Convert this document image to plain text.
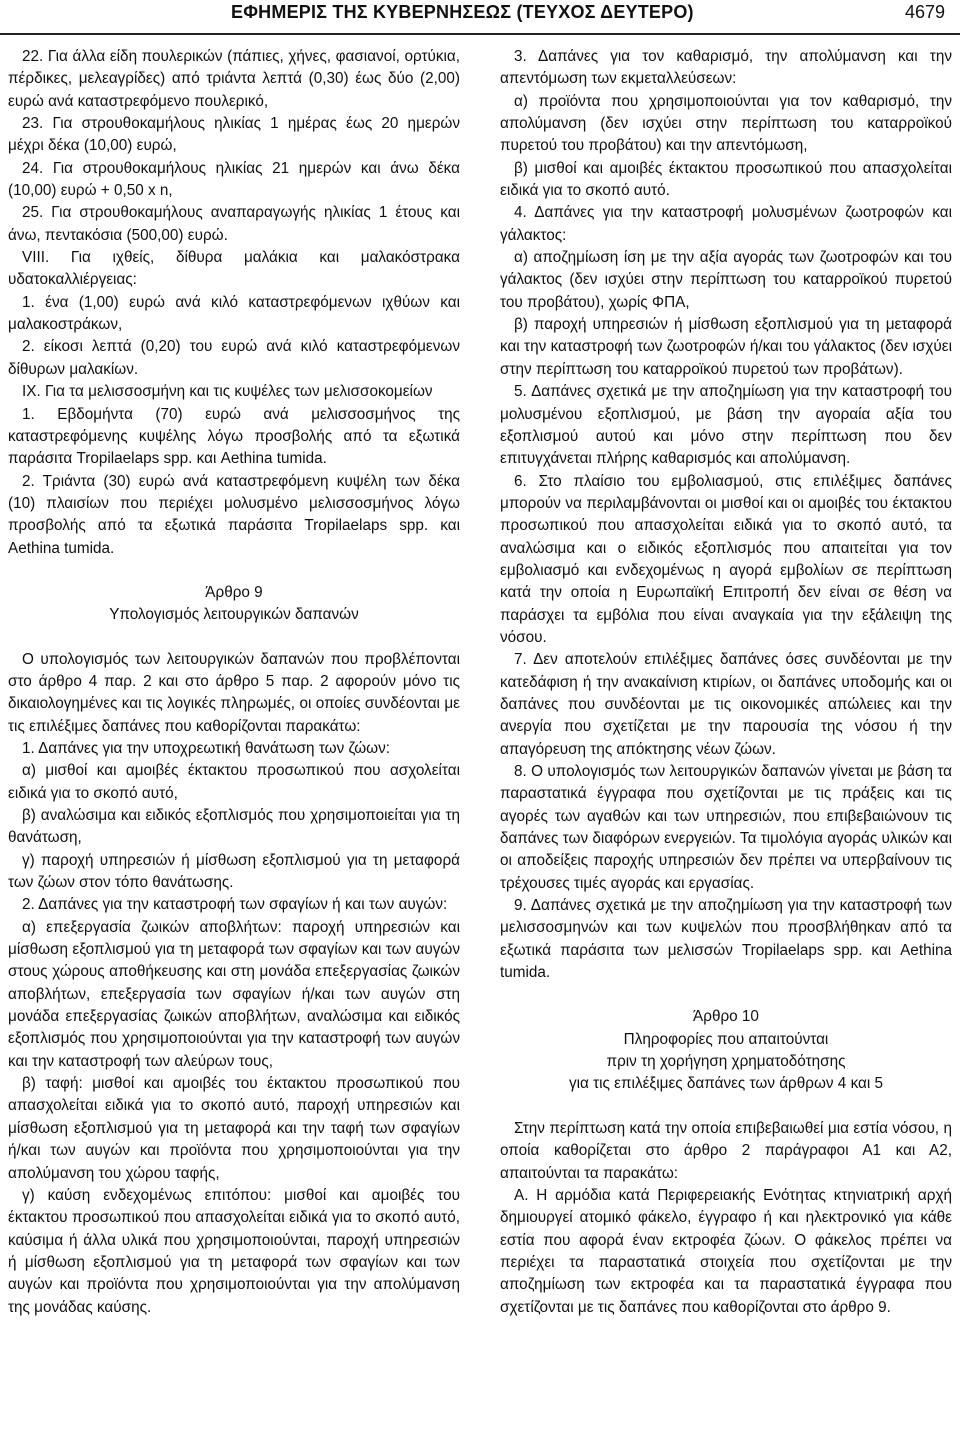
ΕΦΗΜΕΡΙΣ ΤΗΣ ΚΥΒΕΡΝΗΣΕΩΣ (ΤΕΥΧΟΣ ΔΕΥΤΕΡΟ)	4679

22. Για άλλα είδη πουλερικών (πάπιες, χήνες, φασιανοί, ορτύκια, πέρδικες, μελεαγρίδες) από τριάντα λεπτά (0,30) έως δύο (2,00) ευρώ ανά καταστρεφόμενο πουλερικό,

23. Για στρουθοκαμήλους ηλικίας 1 ημέρας έως 20 ημερών μέχρι δέκα (10,00) ευρώ,

24. Για στρουθοκαμήλους ηλικίας 21 ημερών και άνω δέκα (10,00) ευρώ + 0,50 x n,

25. Για στρουθοκαμήλους αναπαραγωγής ηλικίας 1 έτους και άνω, πεντακόσια (500,00) ευρώ.

VIII. Για ιχθείς, δίθυρα μαλάκια και μαλακόστρακα υδατοκαλλιέργειας:

1. ένα (1,00) ευρώ ανά κιλό καταστρεφόμενων ιχθύων και μαλακοστράκων,

2. είκοσι λεπτά (0,20) του ευρώ ανά κιλό καταστρεφόμενων δίθυρων μαλακίων.

IX. Για τα μελισσοσμήνη και τις κυψέλες των μελισσοκομείων

1. Εβδομήντα (70) ευρώ ανά μελισσοσμήνος της καταστρεφόμενης κυψέλης λόγω προσβολής από τα εξωτικά παράσιτα Tropilaelaps spp. και Aethina tumida.

2. Τριάντα (30) ευρώ ανά καταστρεφόμενη κυψέλη των δέκα (10) πλαισίων που περιέχει μολυσμένο μελισσοσμήνος λόγω προσβολής από τα εξωτικά παράσιτα Tropilaelaps spp. και Aethina tumida.

Άρθρο 9

Υπολογισμός λειτουργικών δαπανών

Ο υπολογισμός των λειτουργικών δαπανών που προβλέπονται στο άρθρο 4 παρ. 2 και στο άρθρο 5 παρ. 2 αφορούν μόνο τις δικαιολογημένες και τις λογικές πληρωμές, οι οποίες συνδέονται με τις επιλέξιμες δαπάνες που καθορίζονται παρακάτω:

1. Δαπάνες για την υποχρεωτική θανάτωση των ζώων:

α) μισθοί και αμοιβές έκτακτου προσωπικού που ασχολείται ειδικά για το σκοπό αυτό,

β) αναλώσιμα και ειδικός εξοπλισμός που χρησιμοποιείται για τη θανάτωση,

γ) παροχή υπηρεσιών ή μίσθωση εξοπλισμού για τη μεταφορά των ζώων στον τόπο θανάτωσης.

2. Δαπάνες για την καταστροφή των σφαγίων ή και των αυγών:

α) επεξεργασία ζωικών αποβλήτων: παροχή υπηρεσιών και μίσθωση εξοπλισμού για τη μεταφορά των σφαγίων και των αυγών στους χώρους αποθήκευσης και στη μονάδα επεξεργασίας ζωικών αποβλήτων, επεξεργασία των σφαγίων ή/και των αυγών στη μονάδα επεξεργασίας ζωικών αποβλήτων, αναλώσιμα και ειδικός εξοπλισμός που χρησιμοποιούνται για την καταστροφή των αυγών και την καταστροφή των αλεύρων τους,

β) ταφή: μισθοί και αμοιβές του έκτακτου προσωπικού που απασχολείται ειδικά για το σκοπό αυτό, παροχή υπηρεσιών και μίσθωση εξοπλισμού για τη μεταφορά και την ταφή των σφαγίων ή/και των αυγών και προϊόντα που χρησιμοποιούνται για την απολύμανση του χώρου ταφής,

γ) καύση ενδεχομένως επιτόπου: μισθοί και αμοιβές του έκτακτου προσωπικού που απασχολείται ειδικά για το σκοπό αυτό, καύσιμα ή άλλα υλικά που χρησιμοποιούνται, παροχή υπηρεσιών ή μίσθωση εξοπλισμού για τη μεταφορά των σφαγίων και των αυγών και προϊόντα που χρησιμοποιούνται για την απολύμανση της μονάδας καύσης.

3. Δαπάνες για τον καθαρισμό, την απολύμανση και την απεντόμωση των εκμεταλλεύσεων:

α) προϊόντα που χρησιμοποιούνται για τον καθαρισμό, την απολύμανση (δεν ισχύει στην περίπτωση του καταρροϊκού πυρετού του προβάτου) και την απεντόμωση,

β) μισθοί και αμοιβές έκτακτου προσωπικού που απασχολείται ειδικά για το σκοπό αυτό.

4. Δαπάνες για την καταστροφή μολυσμένων ζωοτροφών και γάλακτος:

α) αποζημίωση ίση με την αξία αγοράς των ζωοτροφών και του γάλακτος (δεν ισχύει στην περίπτωση του καταρροϊκού πυρετού του προβάτου), χωρίς ΦΠΑ,

β) παροχή υπηρεσιών ή μίσθωση εξοπλισμού για τη μεταφορά και την καταστροφή των ζωοτροφών ή/και του γάλακτος (δεν ισχύει στην περίπτωση του καταρροϊκού πυρετού των προβάτων).

5. Δαπάνες σχετικά με την αποζημίωση για την καταστροφή του μολυσμένου εξοπλισμού, με βάση την αγοραία αξία του εξοπλισμού αυτού και μόνο στην περίπτωση που δεν επιτυγχάνεται πλήρης καθαρισμός και απολύμανση.

6. Στο πλαίσιο του εμβολιασμού, στις επιλέξιμες δαπάνες μπορούν να περιλαμβάνονται οι μισθοί και οι αμοιβές του έκτακτου προσωπικού που απασχολείται ειδικά για το σκοπό αυτό, τα αναλώσιμα και ο ειδικός εξοπλισμός που απαιτείται για τον εμβολιασμό και ενδεχομένως η αγορά εμβολίων σε περίπτωση κατά την οποία η Ευρωπαϊκή Επιτροπή δεν είναι σε θέση να παράσχει τα εμβόλια που είναι αναγκαία για την εξάλειψη της νόσου.

7. Δεν αποτελούν επιλέξιμες δαπάνες όσες συνδέονται με την κατεδάφιση ή την ανακαίνιση κτιρίων, οι δαπάνες υποδομής και οι δαπάνες που συνδέονται με τις οικονομικές απώλειες και την ανεργία που σχετίζεται με την παρουσία της νόσου ή την απαγόρευση της απόκτησης νέων ζώων.

8. Ο υπολογισμός των λειτουργικών δαπανών γίνεται με βάση τα παραστατικά έγγραφα που σχετίζονται με τις πράξεις και τις αγορές των αγαθών και των υπηρεσιών, που επιβεβαιώνουν τις δαπάνες των διαφόρων ενεργειών. Τα τιμολόγια αγοράς υλικών και οι αποδείξεις παροχής υπηρεσιών δεν πρέπει να υπερβαίνουν τις τρέχουσες τιμές αγοράς και εργασίας.

9. Δαπάνες σχετικά με την αποζημίωση για την καταστροφή των μελισσοσμηνών και των κυψελών που προσβλήθηκαν από τα εξωτικά παράσιτα των μελισσών Tropilaelaps spp. και Aethina tumida.

Άρθρο 10

Πληροφορίες που απαιτούνται

πριν τη χορήγηση χρηματοδότησης

για τις επιλέξιμες δαπάνες των άρθρων 4 και 5

Στην περίπτωση κατά την οποία επιβεβαιωθεί μια εστία νόσου, η οποία καθορίζεται στο άρθρο 2 παράγραφοι Α1 και Α2, απαιτούνται τα παρακάτω:

Α. Η αρμόδια κατά Περιφερειακής Ενότητας κτηνιατρική αρχή δημιουργεί ατομικό φάκελο, έγγραφο ή και ηλεκτρονικό για κάθε εστία που αφορά έναν εκτροφέα ζώων. Ο φάκελος πρέπει να περιέχει τα παραστατικά στοιχεία που σχετίζονται με την αποζημίωση των εκτροφέα και τα παραστατικά έγγραφα που σχετίζονται με τις δαπάνες που καθορίζονται στο άρθρο 9.
